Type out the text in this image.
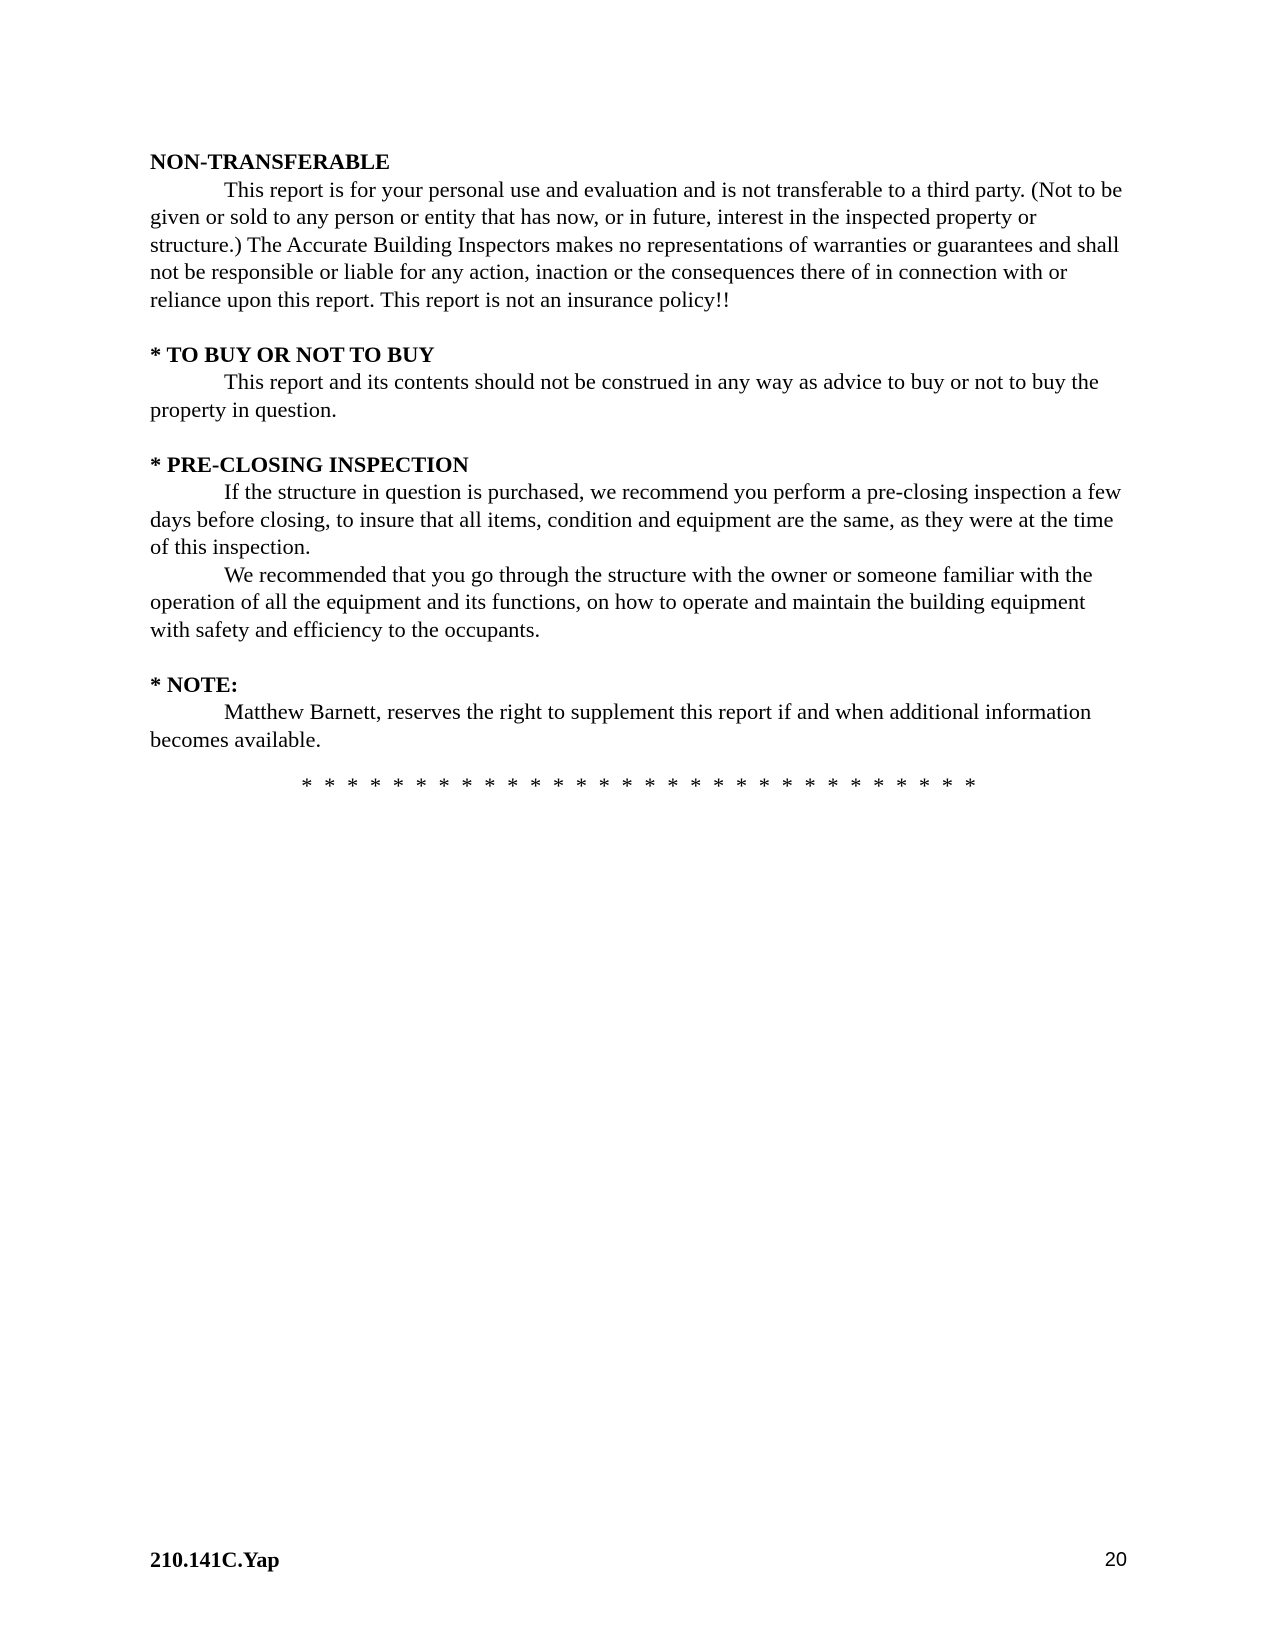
NON-TRANSFERABLE

This report is for your personal use and evaluation and is not transferable to a third party. (Not to be given or sold to any person or entity that has now, or in future, interest in the inspected property or structure.) The Accurate Building Inspectors makes no representations of warranties or guarantees and shall not be responsible or liable for any action, inaction or the consequences there of in connection with or reliance upon this report. This report is not an insurance policy!!

* TO BUY OR NOT TO BUY

This report and its contents should not be construed in any way as advice to buy or not to buy the property in question.

* PRE-CLOSING INSPECTION

If the structure in question is purchased, we recommend you perform a pre-closing inspection a few days before closing, to insure that all items, condition and equipment are the same, as they were at the time of this inspection.

We recommended that you go through the structure with the owner or someone familiar with the operation of all the equipment and its functions, on how to operate and maintain the building equipment with safety and efficiency to the occupants.

* NOTE:

Matthew Barnett, reserves the right to supplement this report if and when additional information becomes available.

* * * * * * * * * * * * * * * * * * * * * * * * * * * * * *
210.141C.Yap	20
